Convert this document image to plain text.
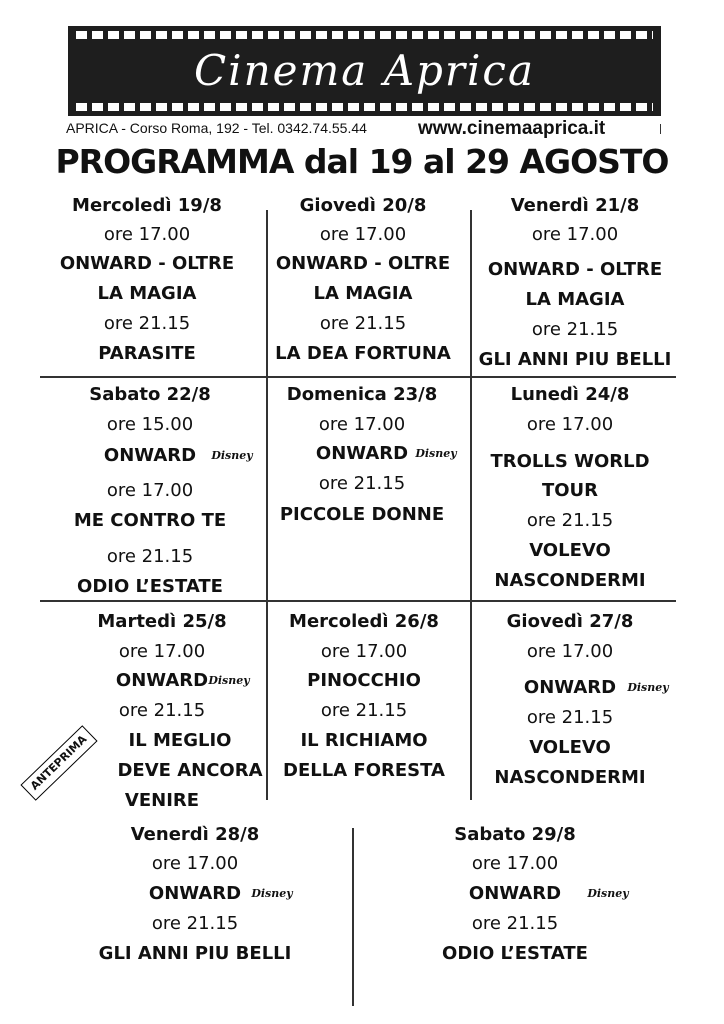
Cinema Aprica
APRICA - Corso Roma, 192 - Tel. 0342.74.55.44	www.cinemaaprica.it
PROGRAMMA dal 19 al 29 AGOSTO
Mercoledì 19/8
ore 17.00
ONWARD - OLTRE
LA MAGIA
ore 21.15
PARASITE
Giovedì 20/8
ore 17.00
ONWARD - OLTRE
LA MAGIA
ore 21.15
LA DEA FORTUNA
Venerdì 21/8
ore 17.00
ONWARD - OLTRE
LA MAGIA
ore 21.15
GLI ANNI PIU BELLI
Sabato 22/8
ore 15.00
ONWARD
ore 17.00
ME CONTRO TE
ore 21.15
ODIO L’ESTATE
Disney
Domenica 23/8
ore 17.00
ONWARD
ore 21.15
PICCOLE DONNE
Disney
Lunedì 24/8
ore 17.00
TROLLS WORLD
TOUR
ore 21.15
VOLEVO
NASCONDERMI
Martedì 25/8
ore 17.00
ONWARD
ore 21.15
IL MEGLIO
DEVE ANCORA
VENIRE
Disney
Mercoledì 26/8
ore 17.00
PINOCCHIO
ore 21.15
IL RICHIAMO
DELLA FORESTA
Giovedì 27/8
ore 17.00
ONWARD
ore 21.15
VOLEVO
NASCONDERMI
Disney
Venerdì 28/8
ore 17.00
ONWARD
ore 21.15
GLI ANNI PIU BELLI
Disney
Sabato 29/8
ore 17.00
ONWARD
ore 21.15
ODIO L’ESTATE
Disney
ANTEPRIMA
